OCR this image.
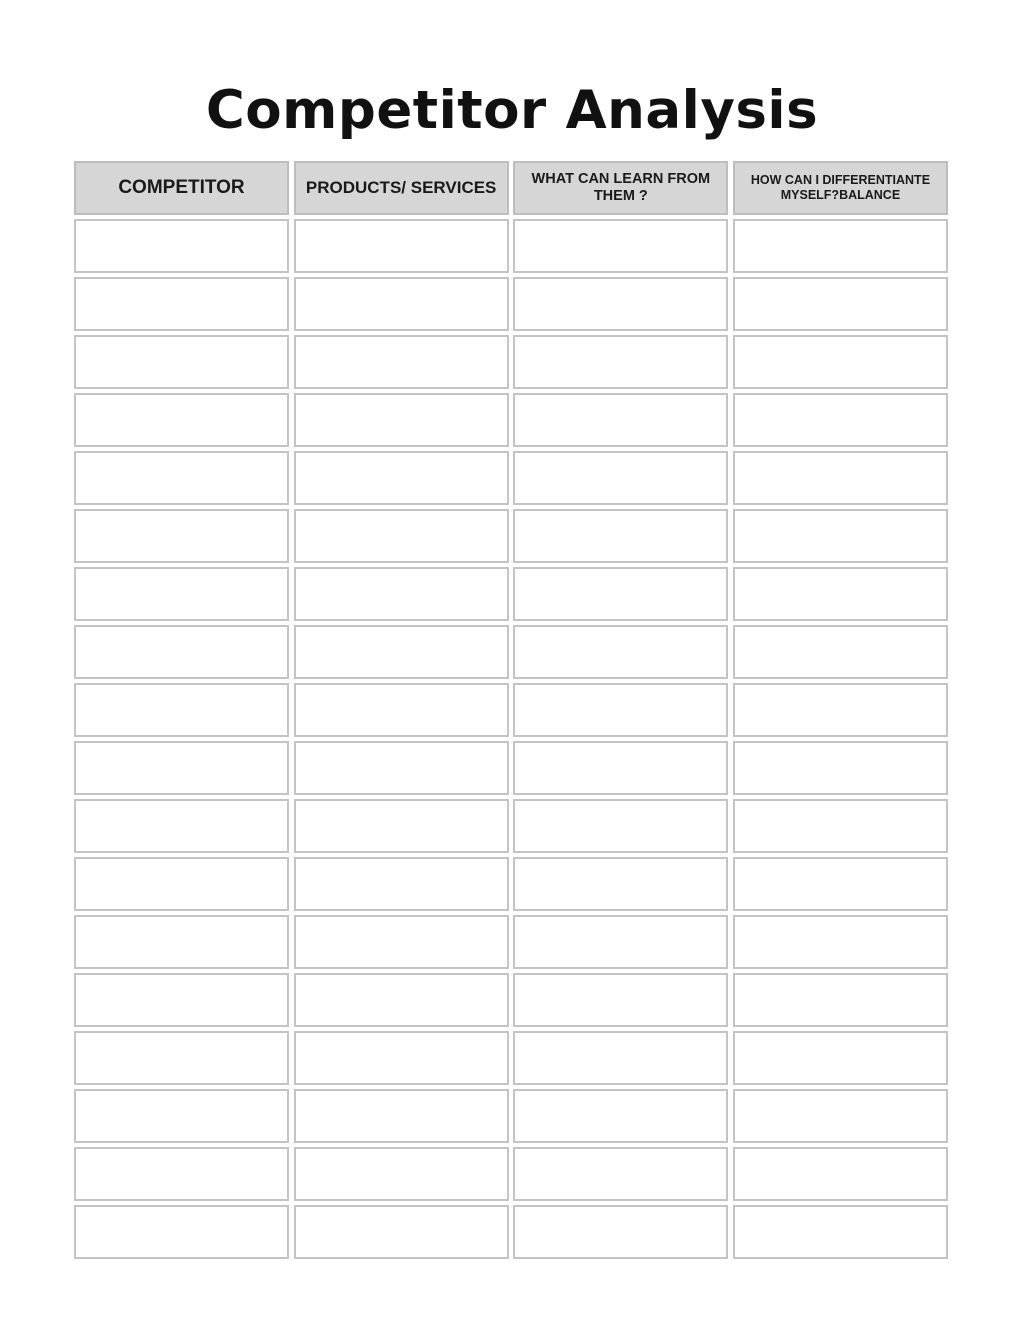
Competitor Analysis
COMPETITOR	PRODUCTS/ SERVICES	WHAT CAN LEARN FROM THEM ?
HOW CAN I DIFFERENTIANTE MYSELF?BALANCE
